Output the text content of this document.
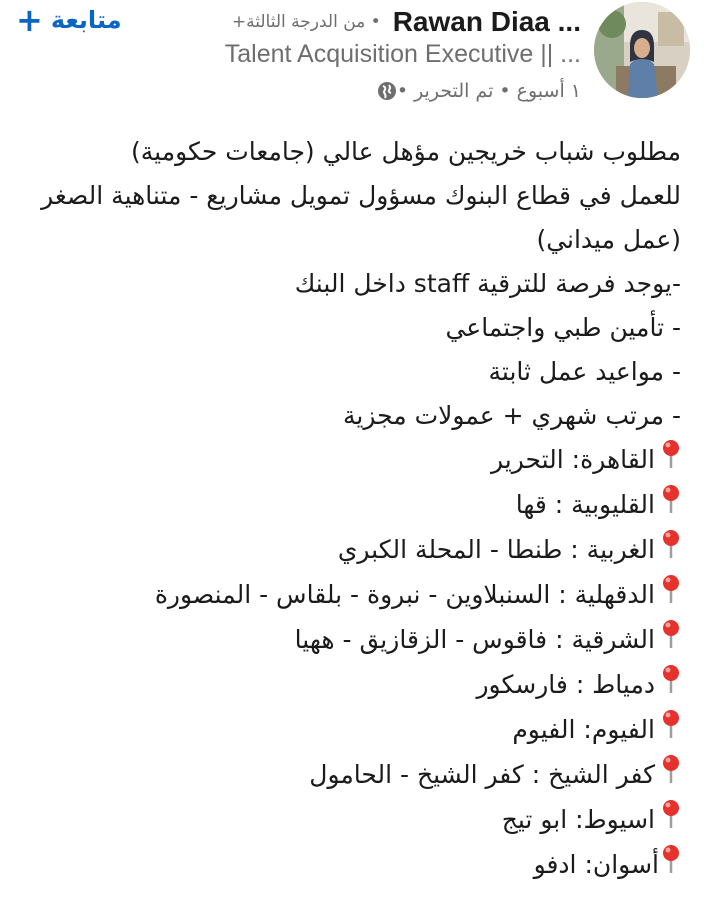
• من الدرجة الثالثة+ Rawan Diaa ...
Talent Acquisition Executive || ...
• تم التحرير • ١ أسبوع
+ متابعة

مطلوب شباب خريجين مؤهل عالي (جامعات حكومية)
للعمل في قطاع البنوك مسؤول تمويل مشاريع - متناهية الصغر (عمل ميداني)
-يوجد فرصة للترقية staff داخل البنك
- تأمين طبي واجتماعي
- مواعيد عمل ثابتة
- مرتب شهري + عمولات مجزية

القاهرة: التحرير
القليوبية : قها
الغربية : طنطا - المحلة الكبري
الدقهلية : السنبلاوين - نبروة - بلقاس - المنصورة
الشرقية : فاقوس - الزقازيق - ههيا
دمياط : فارسكور
الفيوم: الفيوم
كفر الشيخ : كفر الشيخ - الحامول
اسيوط: ابو تيج
أسوان: ادفو
